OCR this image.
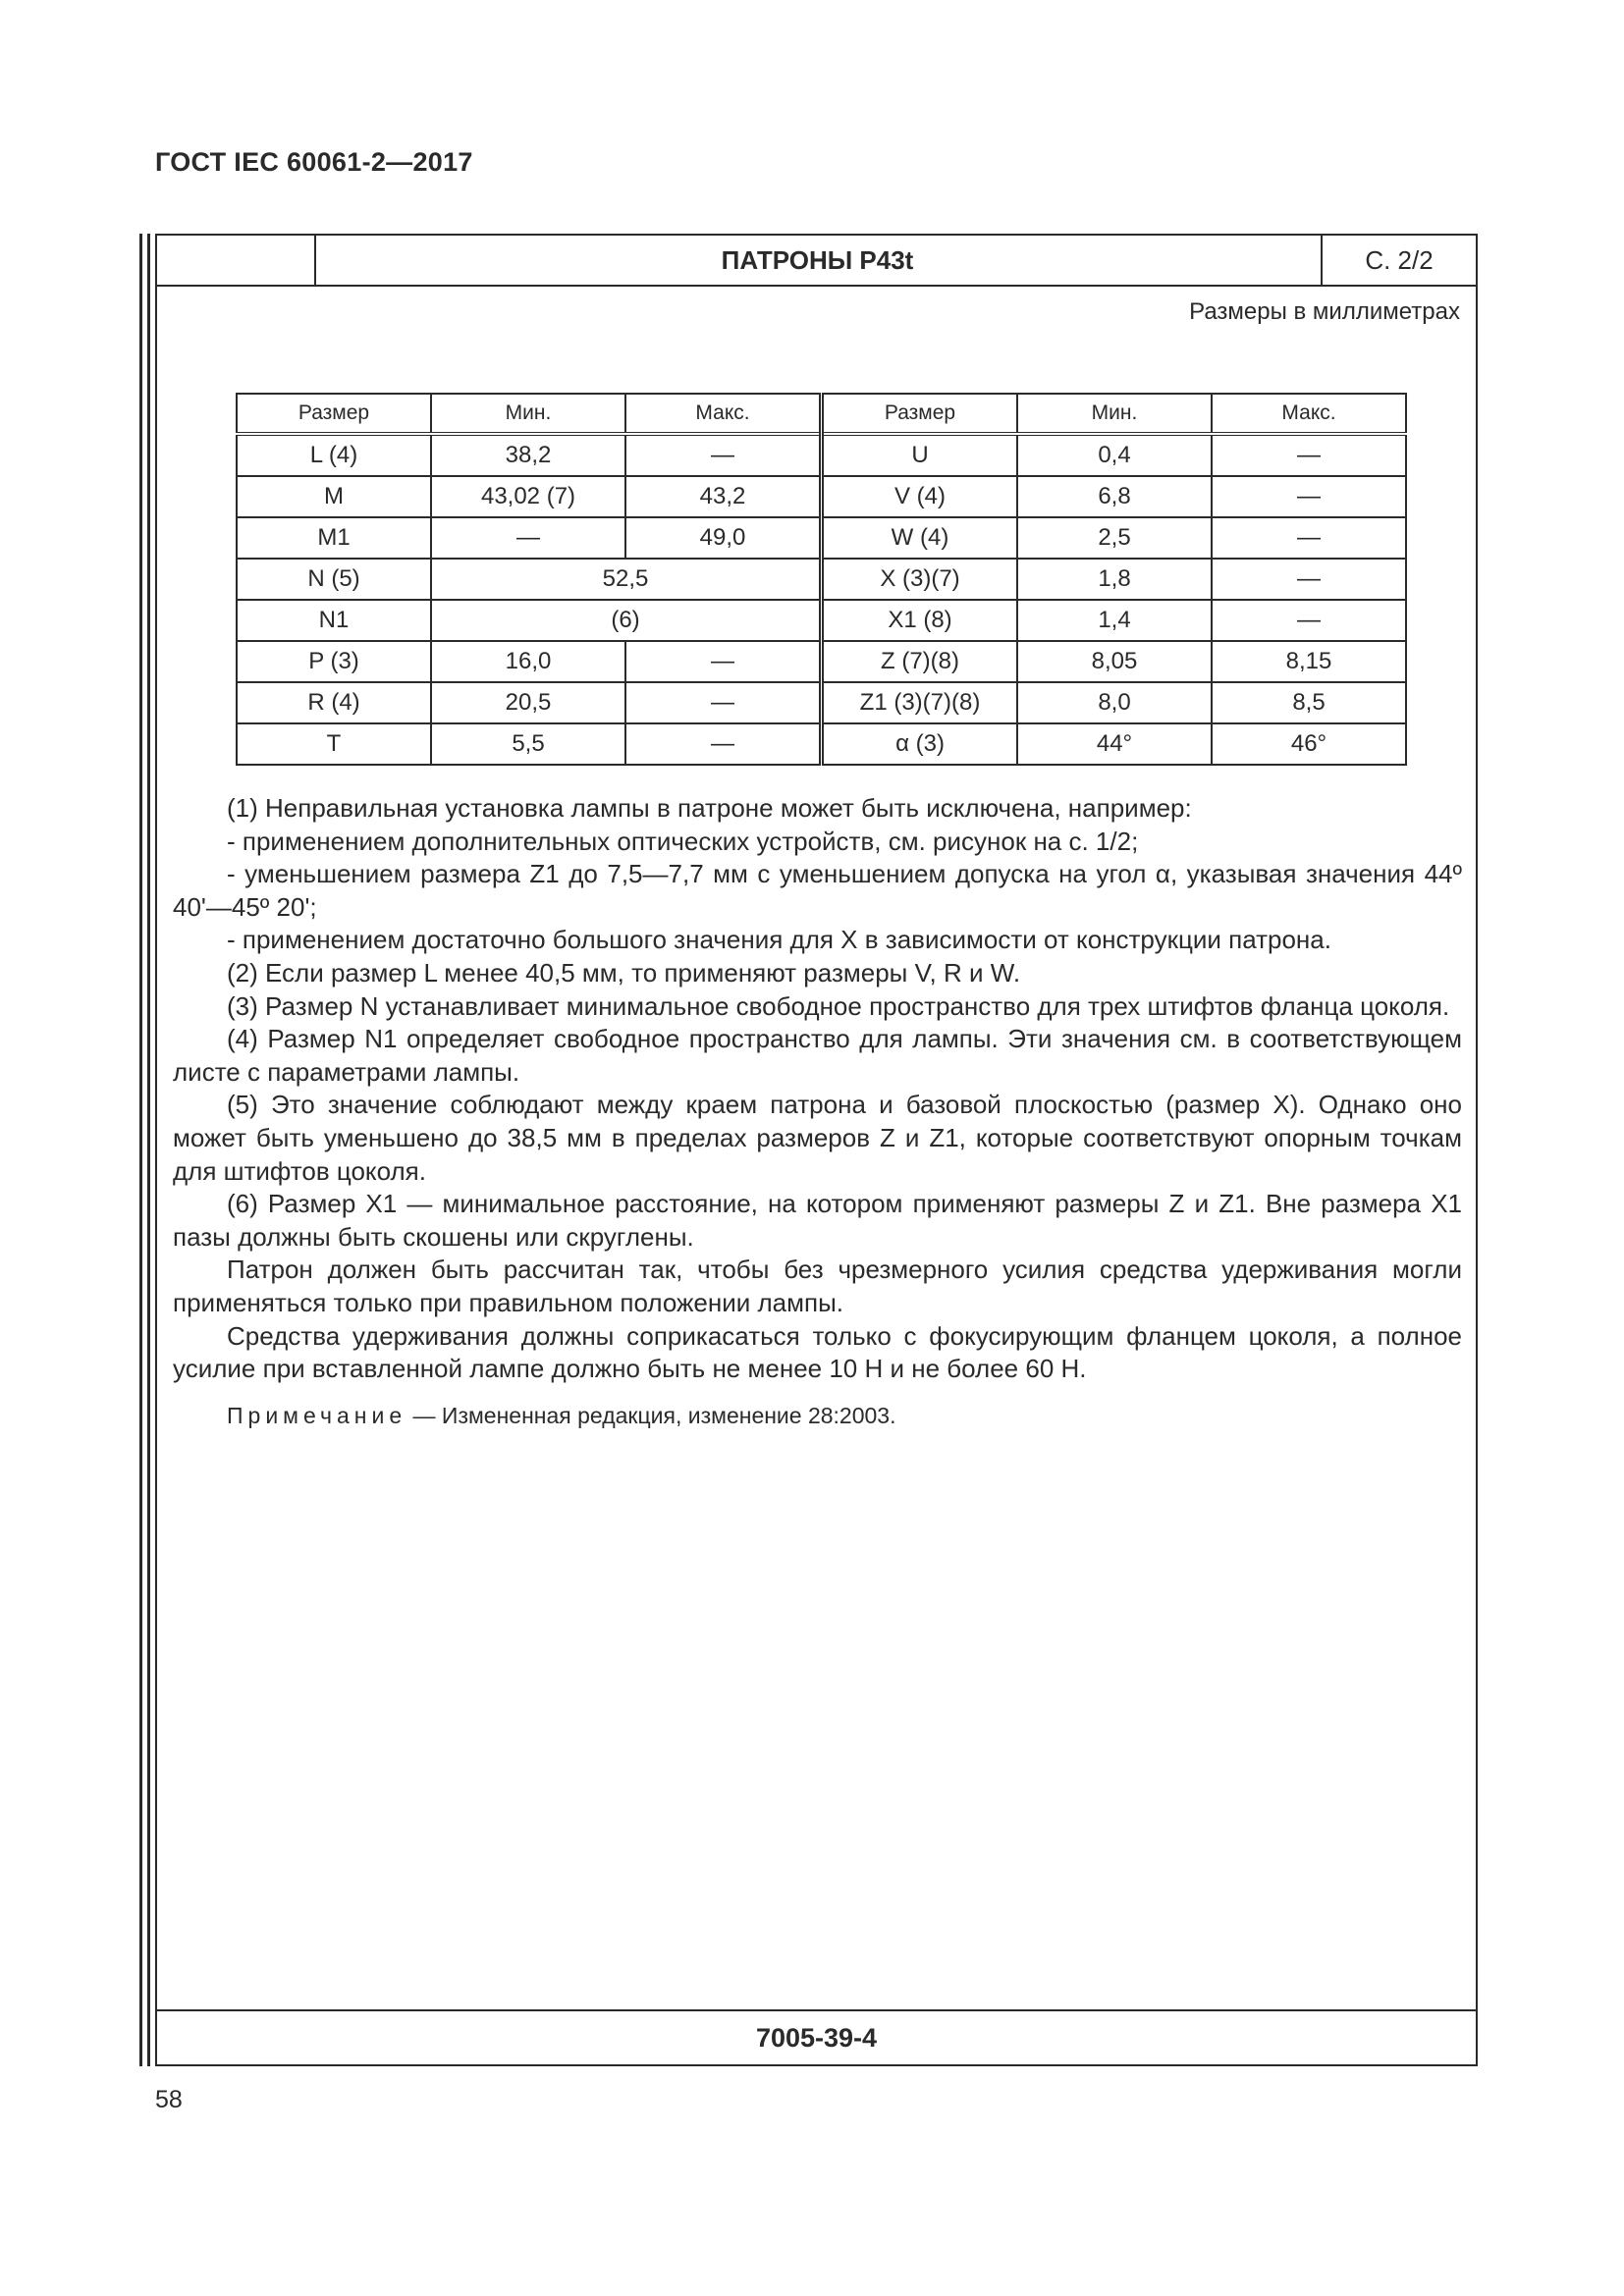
ГОСТ IEC 60061-2—2017
ПАТРОНЫ P43t	С. 2/2
Размеры в миллиметрах
Размер	Мин.	Макс.	Размер	Мин.	Макс.
L (4)	38,2	—	U	0,4	—
M	43,02 (7)	43,2	V (4)	6,8	—
M1	—	49,0	W (4)	2,5	—
N (5)	52,5		X (3)(7)	1,8	—
N1	(6)		X1 (8)	1,4	—
P (3)	16,0	—	Z (7)(8)	8,05	8,15
R (4)	20,5	—	Z1 (3)(7)(8)	8,0	8,5
T	5,5	—	α (3)	44°	46°

(1) Неправильная установка лампы в патроне может быть исключена, например:

- применением дополнительных оптических устройств, см. рисунок на с. 1/2;

- уменьшением размера Z1 до 7,5—7,7 мм с уменьшением допуска на угол α, указывая значения 44º 40'—45º 20';

- применением достаточно большого значения для X в зависимости от конструкции патрона.

(2) Если размер L менее 40,5 мм, то применяют размеры V, R и W.

(3) Размер N устанавливает минимальное свободное пространство для трех штифтов фланца цоколя.

(4) Размер N1 определяет свободное пространство для лампы. Эти значения см. в соответствующем листе с параметрами лампы.

(5) Это значение соблюдают между краем патрона и базовой плоскостью (размер X). Однако оно может быть уменьшено до 38,5 мм в пределах размеров Z и Z1, которые соответствуют опорным точкам для штифтов цоколя.

(6) Размер X1 — минимальное расстояние, на котором применяют размеры Z и Z1. Вне размера X1 пазы должны быть скошены или скруглены.

Патрон должен быть рассчитан так, чтобы без чрезмерного усилия средства удерживания могли применяться только при правильном положении лампы.

Средства удерживания должны соприкасаться только с фокусирующим фланцем цоколя, а полное усилие при вставленной лампе должно быть не менее 10 Н и не более 60 Н.

Примечание — Измененная редакция, изменение 28:2003.

7005-39-4
58
